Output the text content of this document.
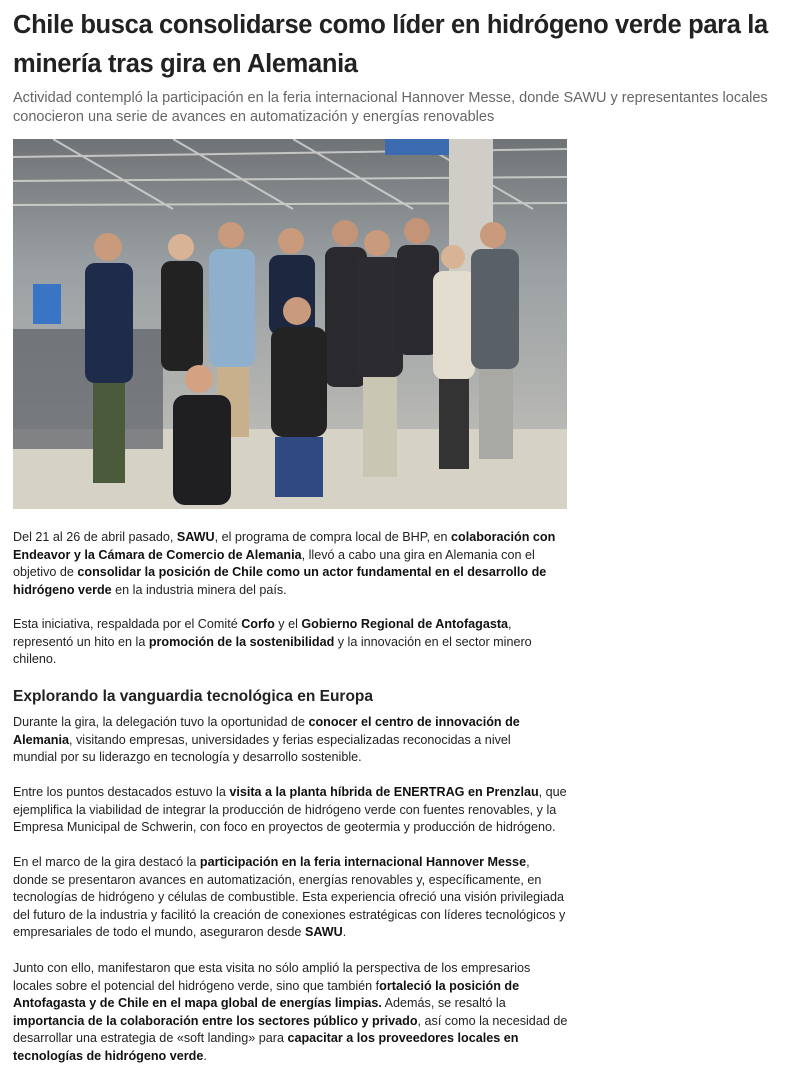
Chile busca consolidarse como líder en hidrógeno verde para la minería tras gira en Alemania

Actividad contempló la participación en la feria internacional Hannover Messe, donde SAWU y representantes locales conocieron una serie de avances en automatización y energías renovables

Del 21 al 26 de abril pasado, SAWU, el programa de compra local de BHP, en colaboración con Endeavor y la Cámara de Comercio de Alemania, llevó a cabo una gira en Alemania con el objetivo de consolidar la posición de Chile como un actor fundamental en el desarrollo de hidrógeno verde en la industria minera del país.

Esta iniciativa, respaldada por el Comité Corfo y el Gobierno Regional de Antofagasta, representó un hito en la promoción de la sostenibilidad y la innovación en el sector minero chileno.

Explorando la vanguardia tecnológica en Europa

Durante la gira, la delegación tuvo la oportunidad de conocer el centro de innovación de Alemania, visitando empresas, universidades y ferias especializadas reconocidas a nivel mundial por su liderazgo en tecnología y desarrollo sostenible.

Entre los puntos destacados estuvo la visita a la planta híbrida de ENERTRAG en Prenzlau, que ejemplifica la viabilidad de integrar la producción de hidrógeno verde con fuentes renovables, y la Empresa Municipal de Schwerin, con foco en proyectos de geotermia y producción de hidrógeno.

En el marco de la gira destacó la participación en la feria internacional Hannover Messe, donde se presentaron avances en automatización, energías renovables y, específicamente, en tecnologías de hidrógeno y células de combustible. Esta experiencia ofreció una visión privilegiada del futuro de la industria y facilitó la creación de conexiones estratégicas con líderes tecnológicos y empresariales de todo el mundo, aseguraron desde SAWU.

Junto con ello, manifestaron que esta visita no sólo amplió la perspectiva de los empresarios locales sobre el potencial del hidrógeno verde, sino que también fortaleció la posición de Antofagasta y de Chile en el mapa global de energías limpias. Además, se resaltó la importancia de la colaboración entre los sectores público y privado, así como la necesidad de desarrollar una estrategia de «soft landing» para capacitar a los proveedores locales en tecnologías de hidrógeno verde.
